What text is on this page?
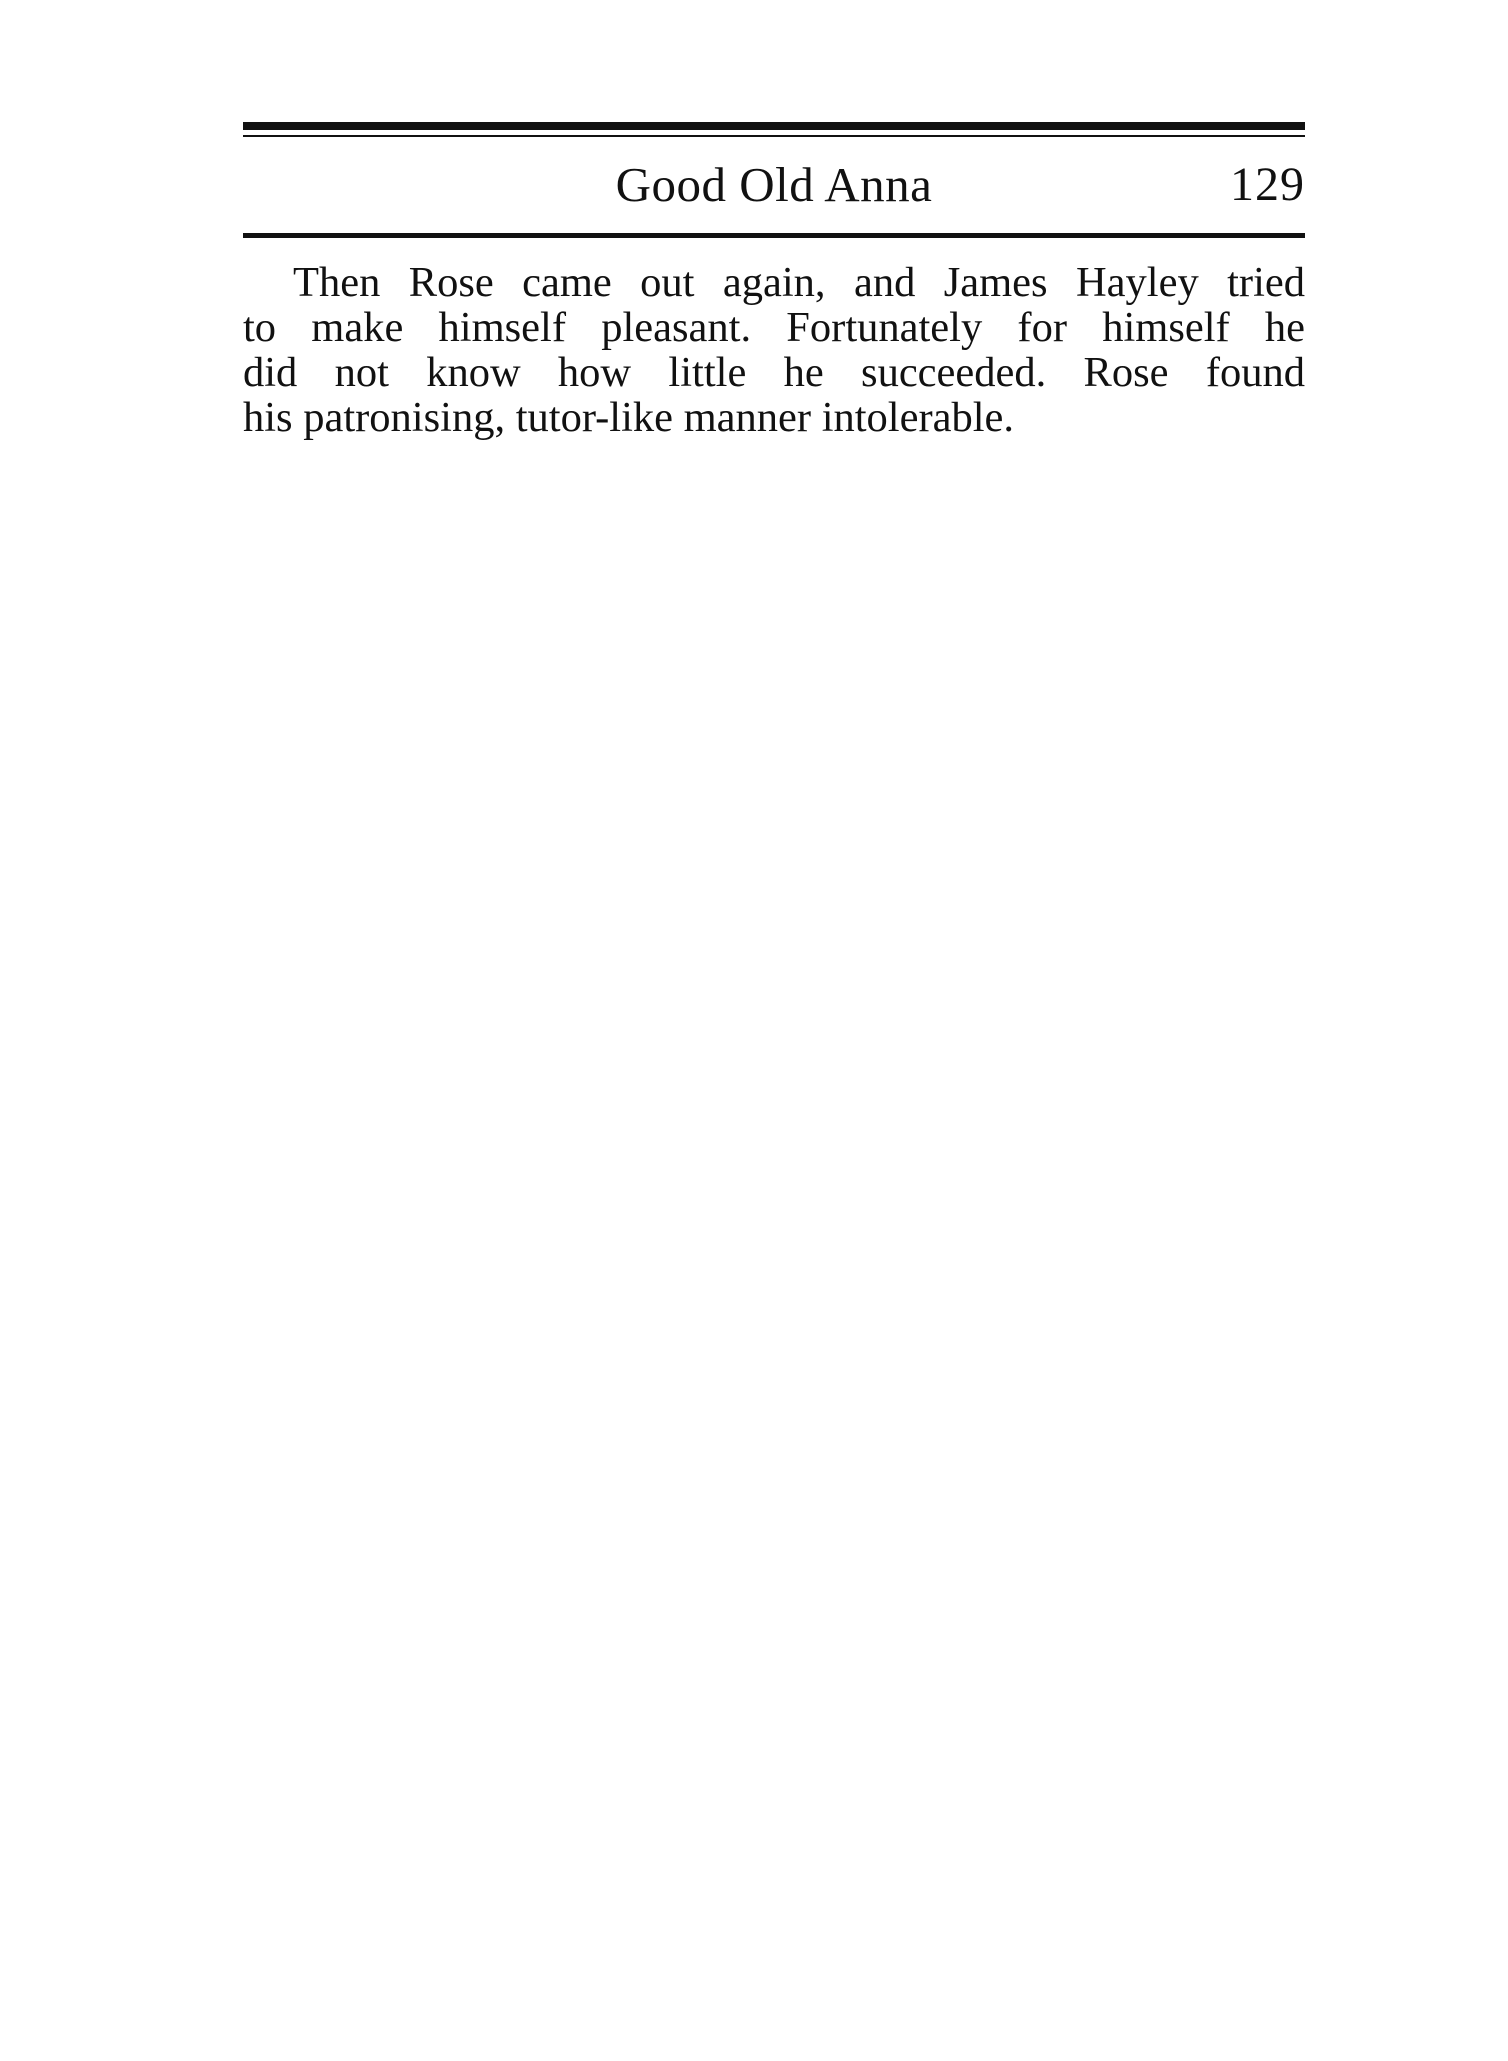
Good Old Anna	129
Then Rose came out again, and James Hayley tried
to make himself pleasant. Fortunately for himself he
did not know how little he succeeded. Rose found
his patronising, tutor-like manner intolerable.
